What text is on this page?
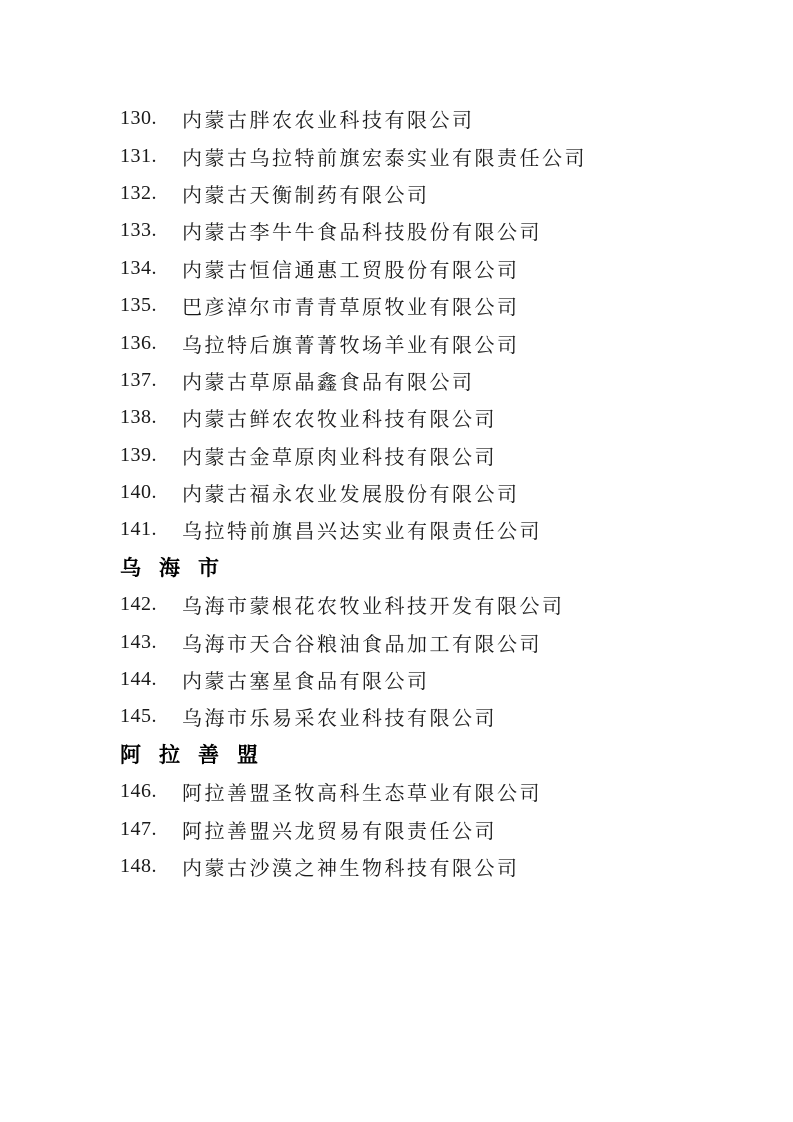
130.	内蒙古胖农农业科技有限公司
131.	内蒙古乌拉特前旗宏泰实业有限责任公司
132.	内蒙古天衡制药有限公司
133.	内蒙古李牛牛食品科技股份有限公司
134.	内蒙古恒信通惠工贸股份有限公司
135.	巴彦淖尔市青青草原牧业有限公司
136.	乌拉特后旗菁菁牧场羊业有限公司
137.	内蒙古草原晶鑫食品有限公司
138.	内蒙古鲜农农牧业科技有限公司
139.	内蒙古金草原肉业科技有限公司
140.	内蒙古福永农业发展股份有限公司
141.	乌拉特前旗昌兴达实业有限责任公司
乌海市
142.	乌海市蒙根花农牧业科技开发有限公司
143.	乌海市天合谷粮油食品加工有限公司
144.	内蒙古塞星食品有限公司
145.	乌海市乐易采农业科技有限公司
阿拉善盟
146.	阿拉善盟圣牧高科生态草业有限公司
147.	阿拉善盟兴龙贸易有限责任公司
148.	内蒙古沙漠之神生物科技有限公司
